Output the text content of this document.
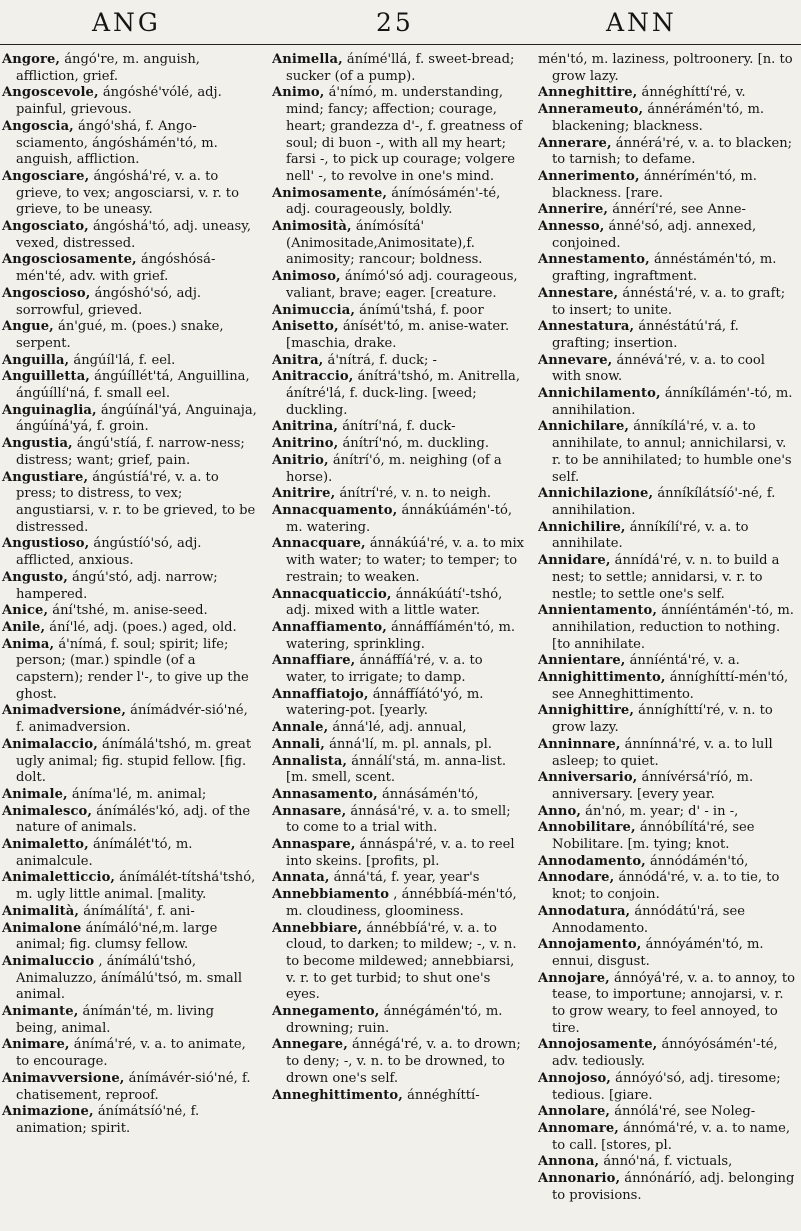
ANG	25	ANN
Angore, ángó're, m. anguish, affliction, grief.
Angoscevole, ángóshé'vólé, adj. painful, grievous.
Angoscia, ángó'shá, f. Ango-sciamento, ángóshámén'tó, m. anguish, affliction.
Angosciare, ángóshá'ré, v. a. to grieve, to vex; angosciarsi, v. r. to grieve, to be uneasy.
Angosciato, ángóshá'tó, adj. uneasy, vexed, distressed.
Angosciosamente, ángóshósá-mén'té, adv. with grief.
Angoscioso, ángóshó'só, adj. sorrowful, grieved.
Angue, án'gué, m. (poes.) snake, serpent.
Anguilla, ángúíl'lá, f. eel.
Anguilletta, ángúíllét'tá, Anguillina, ángúíllí'ná, f. small eel.
Anguinaglia, ángúínál'yá, Anguinaja, ángúíná'yá, f. groin.
Angustia, ángú'stíá, f. narrow-ness; distress; want; grief, pain.
Angustiare, ángústíá'ré, v. a. to press; to distress, to vex; angustiarsi, v. r. to be grieved, to be distressed.
Angustioso, ángústíó'só, adj. afflicted, anxious.
Angusto, ángú'stó, adj. narrow; hampered.
Anice, ání'tshé, m. anise-seed.
Anile, ání'lé, adj. (poes.) aged, old.
Anima, á'nímá, f. soul; spirit; life; person; (mar.) spindle (of a capstern); render l'-, to give up the ghost.
Animadversione, ánímádvér-sió'né, f. animadversion.
Animalaccio, ánímálá'tshó, m. great ugly animal; fig. stupid fellow. [fig. dolt.
Animale, áníma'lé, m. animal;
Animalesco, ánímálés'kó, adj. of the nature of animals.
Animaletto, ánímálét'tó, m. animalcule.
Animaletticcio, ánímálét-títshá'tshó, m. ugly little animal. [mality.
Animalità, ánímálítá', f. ani-
Animalone ánímáló'né,m. large animal; fig. clumsy fellow.
Animaluccio , ánímálú'tshó, Animaluzzo, ánímálú'tsó, m. small animal.
Animante, ánímán'té, m. living being, animal.
Animare, ánímá'ré, v. a. to animate, to encourage.
Animavversione, ánímávér-sió'né, f. chatisement, reproof.
Animazione, ánímátsíó'né, f. animation; spirit.
Animella, ánímé'llá, f. sweet-bread; sucker (of a pump).
Animo, á'nímó, m. understanding, mind; fancy; affection; courage, heart; grandezza d'-, f. greatness of soul; di buon -, with all my heart; farsi -, to pick up courage; volgere nell' -, to revolve in one's mind.
Animosamente, ánímósámén'-té, adj. courageously, boldly.
Animosità, ánímósítá' (Animositade,Animositate),f. animosity; rancour; boldness.
Animoso, ánímó'só adj. courageous, valiant, brave; eager. [creature.
Animuccia, ánímú'tshá, f. poor
Anisetto, ánísét'tó, m. anise-water. [maschia, drake.
Anitra, á'nítrá, f. duck; -
Anitraccio, ánítrá'tshó, m. Anitrella, ánítré'lá, f. duck-ling. [weed; duckling.
Anitrina, ánítrí'ná, f. duck-
Anitrino, ánítrí'nó, m. duckling.
Anitrio, ánítrí'ó, m. neighing (of a horse).
Anitrire, ánítrí'ré, v. n. to neigh.
Annacquamento, ánnákúámén'-tó, m. watering.
Annacquare, ánnákúá'ré, v. a. to mix with water; to water; to temper; to restrain; to weaken.
Annacquaticcio, ánnákúátí'-tshó, adj. mixed with a little water.
Annaffiamento, ánnáffíámén'tó, m. watering, sprinkling.
Annaffiare, ánnáffíá'ré, v. a. to water, to irrigate; to damp.
Annaffiatojo, ánnáffíátó'yó, m. watering-pot. [yearly.
Annale, ánná'lé, adj. annual,
Annali, ánná'lí, m. pl. annals, pl.
Annalista, ánnálí'stá, m. anna-list. [m. smell, scent.
Annasamento, ánnásámén'tó,
Annasare, ánnásá'ré, v. a. to smell; to come to a trial with.
Annaspare, ánnáspá'ré, v. a. to reel into skeins. [profits, pl.
Annata, ánná'tá, f. year, year's
Annebbiamento , ánnébbíá-mén'tó, m. cloudiness, gloominess.
Annebbiare, ánnébbíá'ré, v. a. to cloud, to darken; to mildew; -, v. n. to become mildewed; annebbiarsi, v. r. to get turbid; to shut one's eyes.
Annegamento, ánnégámén'tó, m. drowning; ruin.
Annegare, ánnégá'ré, v. a. to drown; to deny; -, v. n. to be drowned, to drown one's self.
Anneghittimento, ánnéghíttí-
mén'tó, m. laziness, poltroonery. [n. to grow lazy.
Anneghittire, ánnéghíttí'ré, v.
Annerameuto, ánnérámén'tó, m. blackening; blackness.
Annerare, ánnérá'ré, v. a. to blacken; to tarnish; to defame.
Annerimento, ánnérímén'tó, m. blackness. [rare.
Annerire, ánnérí'ré, see Anne-
Annesso, ánné'só, adj. annexed, conjoined.
Annestamento, ánnéstámén'tó, m. grafting, ingraftment.
Annestare, ánnéstá'ré, v. a. to graft; to insert; to unite.
Annestatura, ánnéstátú'rá, f. grafting; insertion.
Annevare, ánnévá'ré, v. a. to cool with snow.
Annichilamento, ánníkílámén'-tó, m. annihilation.
Annichilare, ánníkílá'ré, v. a. to annihilate, to annul; annichilarsi, v. r. to be annihilated; to humble one's self.
Annichilazione, ánníkílátsíó'-né, f. annihilation.
Annichilire, ánníkílí'ré, v. a. to annihilate.
Annidare, ánnídá'ré, v. n. to build a nest; to settle; annidarsi, v. r. to nestle; to settle one's self.
Annientamento, ánníéntámén'-tó, m. annihilation, reduction to nothing. [to annihilate.
Annientare, ánníéntá'ré, v. a.
Annighittimento, ánníghíttí-mén'tó, see Anneghittimento.
Annighittire, ánníghíttí'ré, v. n. to grow lazy.
Anninnare, ánnínná'ré, v. a. to lull asleep; to quiet.
Anniversario, ánnívérsá'ríó, m. anniversary. [every year.
Anno, án'nó, m. year; d' - in -,
Annobilitare, ánnóbílítá'ré, see Nobilitare. [m. tying; knot.
Annodamento, ánnódámén'tó,
Annodare, ánnódá'ré, v. a. to tie, to knot; to conjoin.
Annodatura, ánnódátú'rá, see Annodamento.
Annojamento, ánnóyámén'tó, m. ennui, disgust.
Annojare, ánnóyá'ré, v. a. to annoy, to tease, to importune; annojarsi, v. r. to grow weary, to feel annoyed, to tire.
Annojosamente, ánnóyósámén'-té, adv. tediously.
Annojoso, ánnóyó'só, adj. tiresome; tedious. [giare.
Annolare, ánnólá'ré, see Noleg-
Annomare, ánnómá'ré, v. a. to name, to call. [stores, pl.
Annona, ánnó'ná, f. victuals,
Annonario, ánnónáríó, adj. belonging to provisions.
